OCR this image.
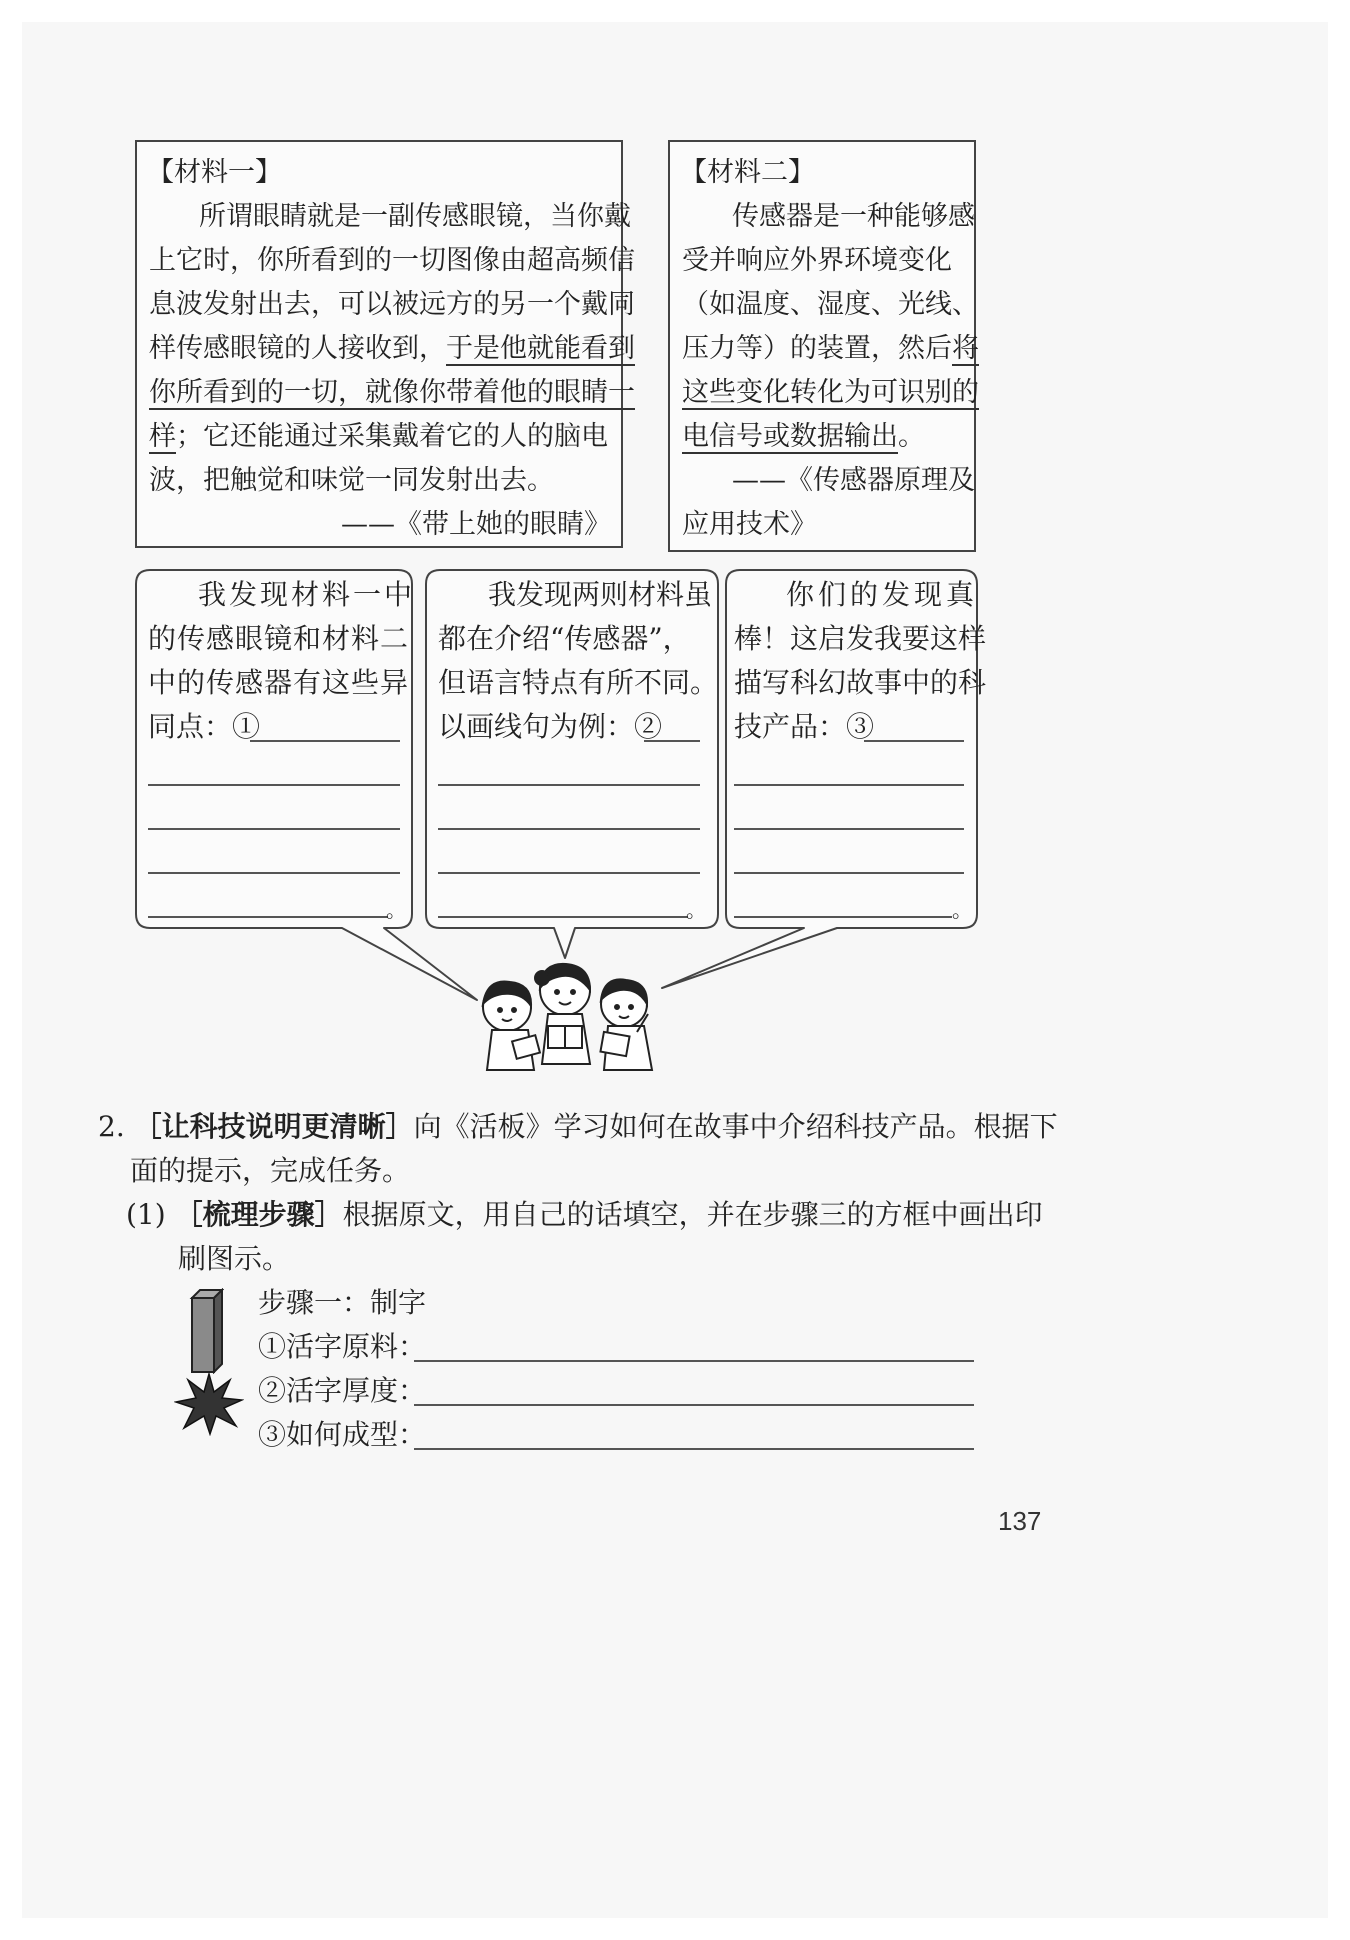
【材料一】
所谓眼睛就是一副传感眼镜，当你戴
上它时，你所看到的一切图像由超高频信
息波发射出去，可以被远方的另一个戴同
样传感眼镜的人接收到，于是他就能看到
你所看到的一切，就像你带着他的眼睛一
样；它还能通过采集戴着它的人的脑电
波，把触觉和味觉一同发射出去。
——《带上她的眼睛》
【材料二】
传感器是一种能够感
受并响应外界环境变化
（如温度、湿度、光线、
压力等）的装置，然后将
这些变化转化为可识别的
电信号或数据输出。
——《传感器原理及
应用技术》
我发现材料一中
的传感眼镜和材料二
中的传感器有这些异
同点：①
。
我发现两则材料虽
都在介绍“传感器”，
但语言特点有所不同。
以画线句为例：②
。
你们的发现真
棒！这启发我要这样
描写科幻故事中的科
技产品：③
。
2. ［让科技说明更清晰］向《活板》学习如何在故事中介绍科技产品。根据下
面的提示，完成任务。
(1) ［梳理步骤］根据原文，用自己的话填空，并在步骤三的方框中画出印
刷图示。
步骤一：制字
①活字原料：
②活字厚度：
③如何成型：
137
